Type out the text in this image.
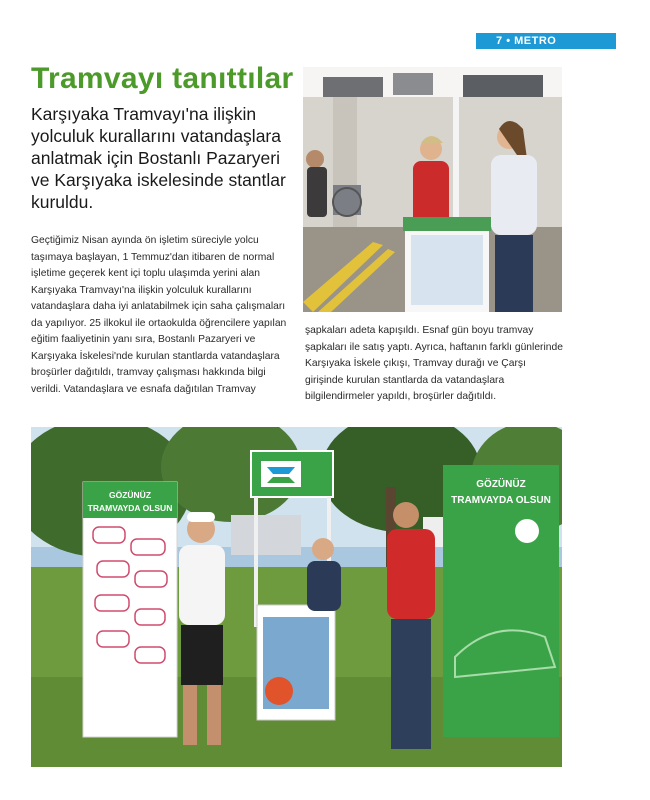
7 • METRO
Tramvayı tanıttılar
Karşıyaka Tramvayı'na ilişkin yolculuk kurallarını vatandaşlara anlatmak için Bostanlı Pazaryeri ve Karşıyaka iskelesinde stantlar kuruldu.
Geçtiğimiz Nisan ayında ön işletim süreciyle yolcu taşımaya başlayan, 1 Temmuz'dan itibaren de normal işletime geçerek kent içi toplu ulaşımda yerini alan Karşıyaka Tramvayı'na ilişkin yolculuk kurallarını vatandaşlara daha iyi anlatabilmek için saha çalışmaları da yapılıyor. 25 ilkokul ile ortaokulda öğrencilere yapılan eğitim faaliyetinin yanı sıra, Bostanlı Pazaryeri ve Karşıyaka İskelesi'nde kurulan stantlarda vatandaşlara broşürler dağıtıldı, tramvay çalışması hakkında bilgi verildi. Vatandaşlara ve esnafa dağıtılan Tramvay
şapkaları adeta kapışıldı. Esnaf gün boyu tramvay şapkaları ile satış yaptı. Ayrıca, haftanın farklı günlerinde Karşıyaka İskele çıkışı, Tramvay durağı ve Çarşı girişinde kurulan stantlarda da vatandaşlara bilgilendirmeler yapıldı, broşürler dağıtıldı.
GÖZÜNÜZ
TRAMVAYDA OLSUN
GÖZÜNÜZ
TRAMVAYDA OLSUN
